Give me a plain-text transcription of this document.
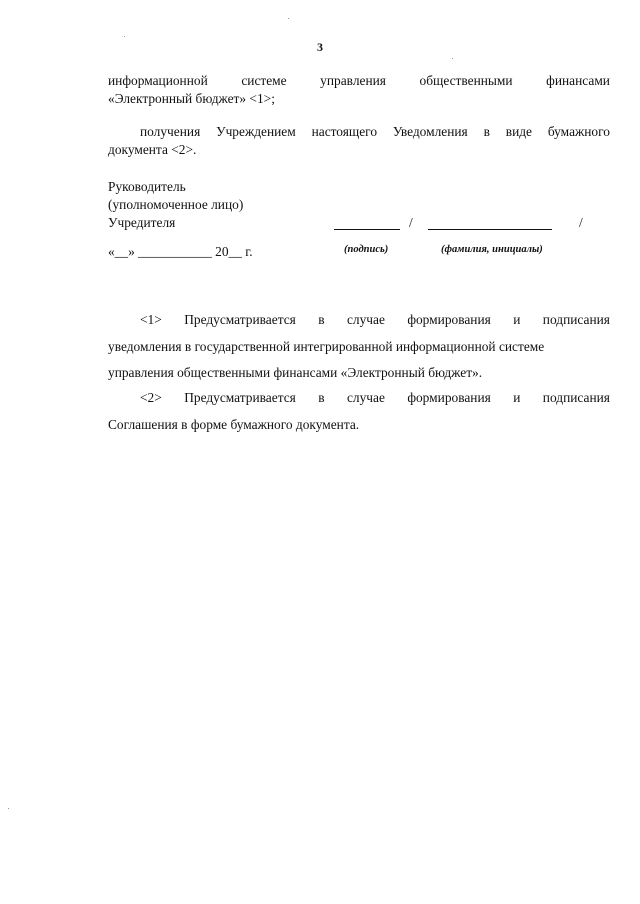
3
информационной	системе	управления	общественными	финансами
«Электронный бюджет» <1>;
получения Учреждением настоящего Уведомления в виде бумажного
документа <2>.
Руководитель
(уполномоченное лицо)
Учредителя	/	/
«__» ___________ 20__ г.	(подпись)	(фамилия, инициалы)
<1> Предусматривается в случае формирования и подписания
уведомления в государственной интегрированной информационной системе
управления общественными финансами «Электронный бюджет».
<2> Предусматривается в случае формирования и подписания
Соглашения в форме бумажного документа.
